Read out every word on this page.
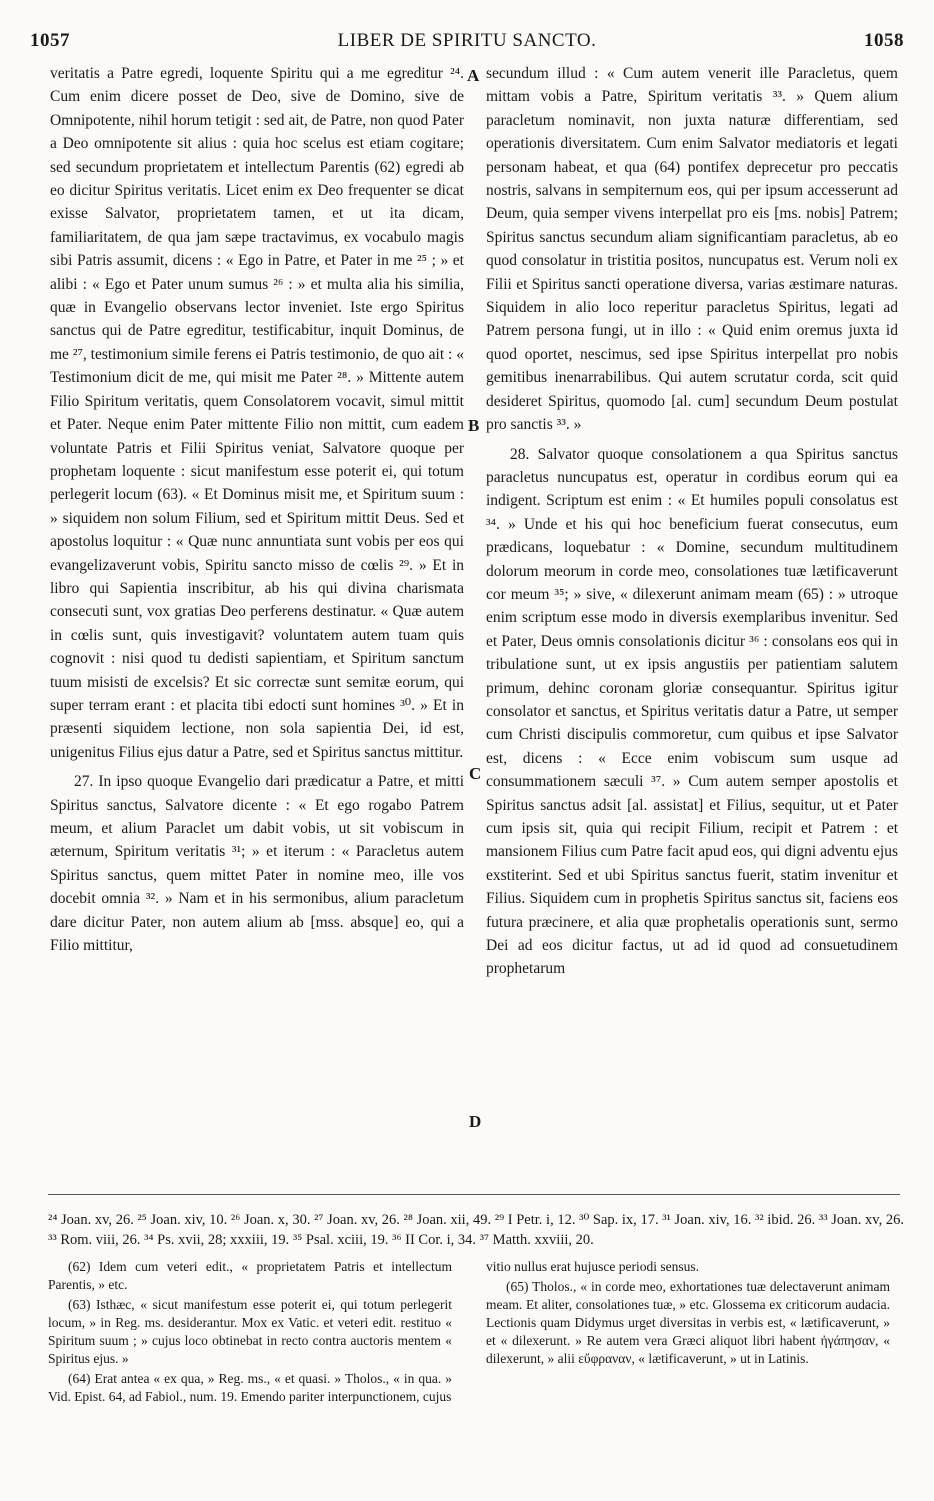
1057	LIBER DE SPIRITU SANCTO.	1058

veritatis a Patre egredi, loquente Spiritu qui a me egreditur ²⁴. Cum enim dicere posset de Deo, sive de Domino, sive de Omnipotente, nihil horum tetigit : sed ait, de Patre, non quod Pater a Deo omnipotente sit alius : quia hoc scelus est etiam cogitare; sed secundum proprietatem et intellectum Parentis (62) egredi ab eo dicitur Spiritus veritatis. Licet enim ex Deo frequenter se dicat exisse Salvator, proprietatem tamen, et ut ita dicam, familiaritatem, de qua jam sæpe tractavimus, ex vocabulo magis sibi Patris assumit, dicens : « Ego in Patre, et Pater in me ²⁵ ; » et alibi : « Ego et Pater unum sumus ²⁶ : » et multa alia his similia, quæ in Evangelio observans lector inveniet. Iste ergo Spiritus sanctus qui de Patre egreditur, testificabitur, inquit Dominus, de me ²⁷, testimonium simile ferens ei Patris testimonio, de quo ait : « Testimonium dicit de me, qui misit me Pater ²⁸. » Mittente autem Filio Spiritum veritatis, quem Consolatorem vocavit, simul mittit et Pater. Neque enim Pater mittente Filio non mittit, cum eadem voluntate Patris et Filii Spiritus veniat, Salvatore quoque per prophetam loquente : sicut manifestum esse poterit ei, qui totum perlegerit locum (63). « Et Dominus misit me, et Spiritum suum : » siquidem non solum Filium, sed et Spiritum mittit Deus. Sed et apostolus loquitur : « Quæ nunc annuntiata sunt vobis per eos qui evangelizaverunt vobis, Spiritu sancto misso de cœlis ²⁹. » Et in libro qui Sapientia inscribitur, ab his qui divina charismata consecuti sunt, vox gratias Deo perferens destinatur. « Quæ autem in cœlis sunt, quis investigavit? voluntatem autem tuam quis cognovit : nisi quod tu dedisti sapientiam, et Spiritum sanctum tuum misisti de excelsis? Et sic correctæ sunt semitæ eorum, qui super terram erant : et placita tibi edocti sunt homines ³⁰. » Et in præsenti siquidem lectione, non sola sapientia Dei, id est, unigenitus Filius ejus datur a Patre, sed et Spiritus sanctus mittitur.

27. In ipso quoque Evangelio dari prædicatur a Patre, et mitti Spiritus sanctus, Salvatore dicente : « Et ego rogabo Patrem meum, et alium Paraclet um dabit vobis, ut sit vobiscum in æternum, Spiritum veritatis ³¹; » et iterum : « Paracletus autem Spiritus sanctus, quem mittet Pater in nomine meo, ille vos docebit omnia ³². » Nam et in his sermonibus, alium paracletum dare dicitur Pater, non autem alium ab [mss. absque] eo, qui a Filio mittitur,

secundum illud : « Cum autem venerit ille Paracletus, quem mittam vobis a Patre, Spiritum veritatis ³³. » Quem alium paracletum nominavit, non juxta naturæ differentiam, sed operationis diversitatem. Cum enim Salvator mediatoris et legati personam habeat, et qua (64) pontifex deprecetur pro peccatis nostris, salvans in sempiternum eos, qui per ipsum accesserunt ad Deum, quia semper vivens interpellat pro eis [ms. nobis] Patrem; Spiritus sanctus secundum aliam significantiam paracletus, ab eo quod consolatur in tristitia positos, nuncupatus est. Verum noli ex Filii et Spiritus sancti operatione diversa, varias æstimare naturas. Siquidem in alio loco reperitur paracletus Spiritus, legati ad Patrem persona fungi, ut in illo : « Quid enim oremus juxta id quod oportet, nescimus, sed ipse Spiritus interpellat pro nobis gemitibus inenarrabilibus. Qui autem scrutatur corda, scit quid desideret Spiritus, quomodo [al. cum] secundum Deum postulat pro sanctis ³³. »

28. Salvator quoque consolationem a qua Spiritus sanctus paracletus nuncupatus est, operatur in cordibus eorum qui ea indigent. Scriptum est enim : « Et humiles populi consolatus est ³⁴. » Unde et his qui hoc beneficium fuerat consecutus, eum prædicans, loquebatur : « Domine, secundum multitudinem dolorum meorum in corde meo, consolationes tuæ lætificaverunt cor meum ³⁵; » sive, « dilexerunt animam meam (65) : » utroque enim scriptum esse modo in diversis exemplaribus invenitur. Sed et Pater, Deus omnis consolationis dicitur ³⁶ : consolans eos qui in tribulatione sunt, ut ex ipsis angustiis per patientiam salutem primum, dehinc coronam gloriæ consequantur. Spiritus igitur consolator et sanctus, et Spiritus veritatis datur a Patre, ut semper cum Christi discipulis commoretur, cum quibus et ipse Salvator est, dicens : « Ecce enim vobiscum sum usque ad consummationem sæculi ³⁷. » Cum autem semper apostolis et Spiritus sanctus adsit [al. assistat] et Filius, sequitur, ut et Pater cum ipsis sit, quia qui recipit Filium, recipit et Patrem : et mansionem Filius cum Patre facit apud eos, qui digni adventu ejus exstiterint. Sed et ubi Spiritus sanctus fuerit, statim invenitur et Filius. Siquidem cum in prophetis Spiritus sanctus sit, faciens eos futura præcinere, et alia quæ prophetalis operationis sunt, sermo Dei ad eos dicitur factus, ut ad id quod ad consuetudinem prophetarum

A
B
C
D
²⁴ Joan. xv, 26. ²⁵ Joan. xiv, 10. ²⁶ Joan. x, 30. ²⁷ Joan. xv, 26. ²⁸ Joan. xii, 49. ²⁹ I Petr. i, 12. ³⁰ Sap. ix, 17. ³¹ Joan. xiv, 16. ³² ibid. 26. ³³ Joan. xv, 26. ³³ Rom. viii, 26. ³⁴ Ps. xvii, 28; xxxiii, 19. ³⁵ Psal. xciii, 19. ³⁶ II Cor. i, 34. ³⁷ Matth. xxviii, 20.

(62) Idem cum veteri edit., « proprietatem Patris et intellectum Parentis, » etc.

(63) Isthæc, « sicut manifestum esse poterit ei, qui totum perlegerit locum, » in Reg. ms. desiderantur. Mox ex Vatic. et veteri edit. restituo « Spiritum suum ; » cujus loco obtinebat in recto contra auctoris mentem « Spiritus ejus. »

(64) Erat antea « ex qua, » Reg. ms., « et quasi. » Tholos., « in qua. » Vid. Epist. 64, ad Fabiol., num. 19. Emendo pariter interpunctionem, cujus

vitio nullus erat hujusce periodi sensus.

(65) Tholos., « in corde meo, exhortationes tuæ delectaverunt animam meam. Et aliter, consolationes tuæ, » etc. Glossema ex criticorum audacia. Lectionis quam Didymus urget diversitas in verbis est, « lætificaverunt, » et « dilexerunt. » Re autem vera Græci aliquot libri habent ἠγάπησαν, « dilexerunt, » alii εὔφραναν, « lætificaverunt, » ut in Latinis.
